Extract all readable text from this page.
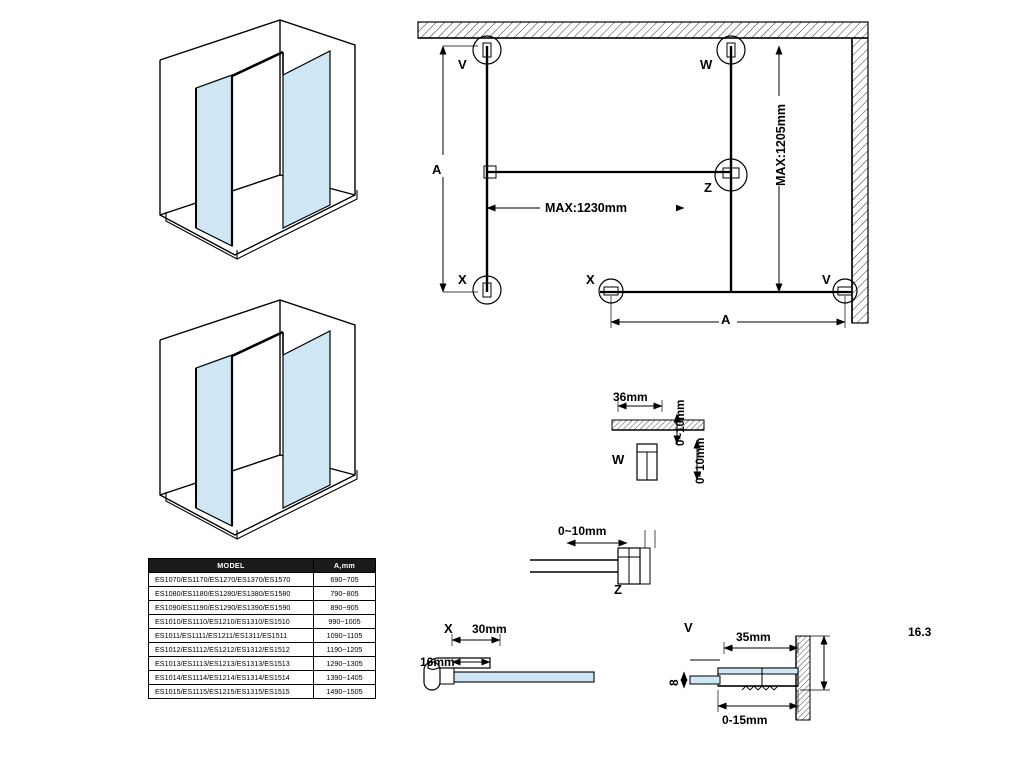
V	W
Z
X	X	V
A
A
MAX:1230mm
MAX:1205mm
36mm
0~10mm
0~10mm
W
0~10mm
Z
X 30mm
16mm
V
35mm	16.3
8
0-15mm
MODEL	A,mm
ES1070/ES1170/ES1270/ES1370/ES1570	690~705
ES1080/ES1180/ES1280/ES1380/ES1580	790~805
ES1090/ES1190/ES1290/ES1390/ES1590	890~905
ES1010/ES1110/ES1210/ES1310/ES1510	990~1005
ES1011/ES1111/ES1211/ES1311/ES1511	1090~1105
ES1012/ES1112/ES1212/ES1312/ES1512	1190~1205
ES1013/ES1113/ES1213/ES1313/ES1513	1290~1305
ES1014/ES1114/ES1214/ES1314/ES1514	1390~1405
ES1015/ES1115/ES1215/ES1315/ES1515	1490~1505
